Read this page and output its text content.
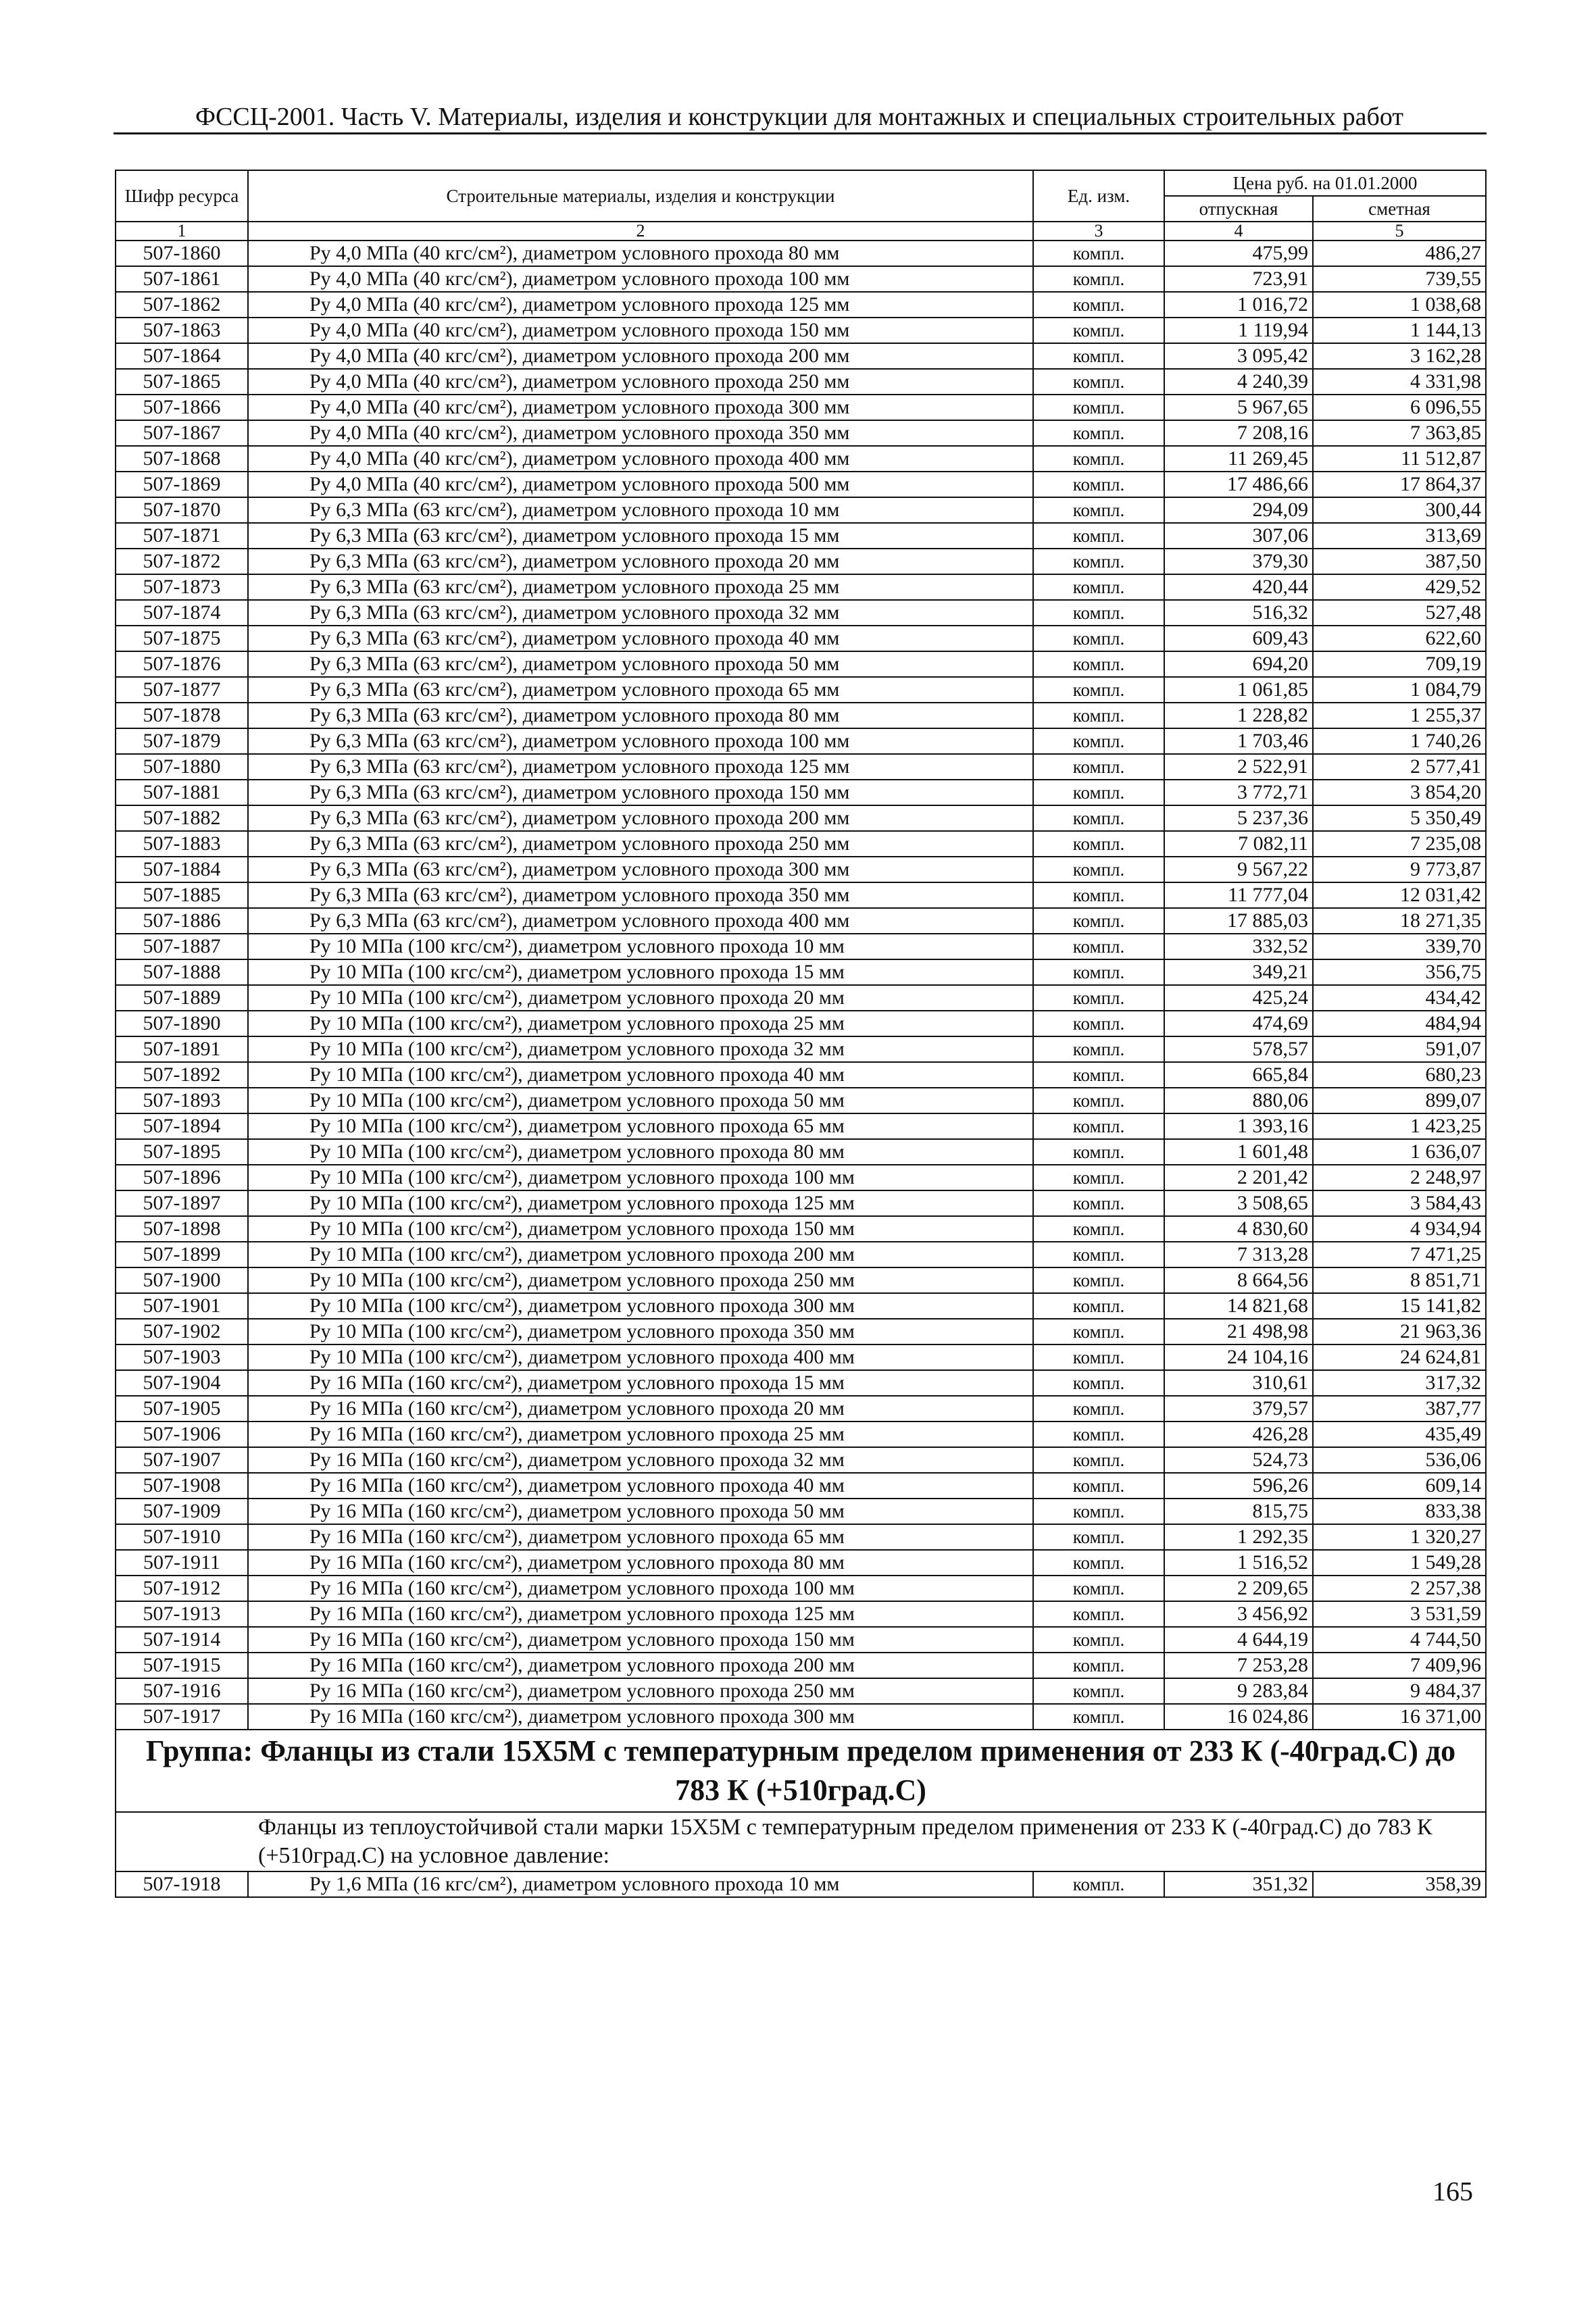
ФССЦ-2001. Часть V. Материалы, изделия и конструкции для монтажных и специальных строительных работ
Шифр ресурса	Строительные материалы, изделия и конструкции	Ед. изм.	Цена руб. на 01.01.2000	
			отпускная	сметная
1	2	3	4	5
507-1860	Ру 4,0 МПа (40 кгс/см²), диаметром условного прохода 80 мм	компл.	475,99	486,27
507-1861	Ру 4,0 МПа (40 кгс/см²), диаметром условного прохода 100 мм	компл.	723,91	739,55
507-1862	Ру 4,0 МПа (40 кгс/см²), диаметром условного прохода 125 мм	компл.	1 016,72	1 038,68
507-1863	Ру 4,0 МПа (40 кгс/см²), диаметром условного прохода 150 мм	компл.	1 119,94	1 144,13
507-1864	Ру 4,0 МПа (40 кгс/см²), диаметром условного прохода 200 мм	компл.	3 095,42	3 162,28
507-1865	Ру 4,0 МПа (40 кгс/см²), диаметром условного прохода 250 мм	компл.	4 240,39	4 331,98
507-1866	Ру 4,0 МПа (40 кгс/см²), диаметром условного прохода 300 мм	компл.	5 967,65	6 096,55
507-1867	Ру 4,0 МПа (40 кгс/см²), диаметром условного прохода 350 мм	компл.	7 208,16	7 363,85
507-1868	Ру 4,0 МПа (40 кгс/см²), диаметром условного прохода 400 мм	компл.	11 269,45	11 512,87
507-1869	Ру 4,0 МПа (40 кгс/см²), диаметром условного прохода 500 мм	компл.	17 486,66	17 864,37
507-1870	Ру 6,3 МПа (63 кгс/см²), диаметром условного прохода 10 мм	компл.	294,09	300,44
507-1871	Ру 6,3 МПа (63 кгс/см²), диаметром условного прохода 15 мм	компл.	307,06	313,69
507-1872	Ру 6,3 МПа (63 кгс/см²), диаметром условного прохода 20 мм	компл.	379,30	387,50
507-1873	Ру 6,3 МПа (63 кгс/см²), диаметром условного прохода 25 мм	компл.	420,44	429,52
507-1874	Ру 6,3 МПа (63 кгс/см²), диаметром условного прохода 32 мм	компл.	516,32	527,48
507-1875	Ру 6,3 МПа (63 кгс/см²), диаметром условного прохода 40 мм	компл.	609,43	622,60
507-1876	Ру 6,3 МПа (63 кгс/см²), диаметром условного прохода 50 мм	компл.	694,20	709,19
507-1877	Ру 6,3 МПа (63 кгс/см²), диаметром условного прохода 65 мм	компл.	1 061,85	1 084,79
507-1878	Ру 6,3 МПа (63 кгс/см²), диаметром условного прохода 80 мм	компл.	1 228,82	1 255,37
507-1879	Ру 6,3 МПа (63 кгс/см²), диаметром условного прохода 100 мм	компл.	1 703,46	1 740,26
507-1880	Ру 6,3 МПа (63 кгс/см²), диаметром условного прохода 125 мм	компл.	2 522,91	2 577,41
507-1881	Ру 6,3 МПа (63 кгс/см²), диаметром условного прохода 150 мм	компл.	3 772,71	3 854,20
507-1882	Ру 6,3 МПа (63 кгс/см²), диаметром условного прохода 200 мм	компл.	5 237,36	5 350,49
507-1883	Ру 6,3 МПа (63 кгс/см²), диаметром условного прохода 250 мм	компл.	7 082,11	7 235,08
507-1884	Ру 6,3 МПа (63 кгс/см²), диаметром условного прохода 300 мм	компл.	9 567,22	9 773,87
507-1885	Ру 6,3 МПа (63 кгс/см²), диаметром условного прохода 350 мм	компл.	11 777,04	12 031,42
507-1886	Ру 6,3 МПа (63 кгс/см²), диаметром условного прохода 400 мм	компл.	17 885,03	18 271,35
507-1887	Ру 10 МПа (100 кгс/см²), диаметром условного прохода 10 мм	компл.	332,52	339,70
507-1888	Ру 10 МПа (100 кгс/см²), диаметром условного прохода 15 мм	компл.	349,21	356,75
507-1889	Ру 10 МПа (100 кгс/см²), диаметром условного прохода 20 мм	компл.	425,24	434,42
507-1890	Ру 10 МПа (100 кгс/см²), диаметром условного прохода 25 мм	компл.	474,69	484,94
507-1891	Ру 10 МПа (100 кгс/см²), диаметром условного прохода 32 мм	компл.	578,57	591,07
507-1892	Ру 10 МПа (100 кгс/см²), диаметром условного прохода 40 мм	компл.	665,84	680,23
507-1893	Ру 10 МПа (100 кгс/см²), диаметром условного прохода 50 мм	компл.	880,06	899,07
507-1894	Ру 10 МПа (100 кгс/см²), диаметром условного прохода 65 мм	компл.	1 393,16	1 423,25
507-1895	Ру 10 МПа (100 кгс/см²), диаметром условного прохода 80 мм	компл.	1 601,48	1 636,07
507-1896	Ру 10 МПа (100 кгс/см²), диаметром условного прохода 100 мм	компл.	2 201,42	2 248,97
507-1897	Ру 10 МПа (100 кгс/см²), диаметром условного прохода 125 мм	компл.	3 508,65	3 584,43
507-1898	Ру 10 МПа (100 кгс/см²), диаметром условного прохода 150 мм	компл.	4 830,60	4 934,94
507-1899	Ру 10 МПа (100 кгс/см²), диаметром условного прохода 200 мм	компл.	7 313,28	7 471,25
507-1900	Ру 10 МПа (100 кгс/см²), диаметром условного прохода 250 мм	компл.	8 664,56	8 851,71
507-1901	Ру 10 МПа (100 кгс/см²), диаметром условного прохода 300 мм	компл.	14 821,68	15 141,82
507-1902	Ру 10 МПа (100 кгс/см²), диаметром условного прохода 350 мм	компл.	21 498,98	21 963,36
507-1903	Ру 10 МПа (100 кгс/см²), диаметром условного прохода 400 мм	компл.	24 104,16	24 624,81
507-1904	Ру 16 МПа (160 кгс/см²), диаметром условного прохода 15 мм	компл.	310,61	317,32
507-1905	Ру 16 МПа (160 кгс/см²), диаметром условного прохода 20 мм	компл.	379,57	387,77
507-1906	Ру 16 МПа (160 кгс/см²), диаметром условного прохода 25 мм	компл.	426,28	435,49
507-1907	Ру 16 МПа (160 кгс/см²), диаметром условного прохода 32 мм	компл.	524,73	536,06
507-1908	Ру 16 МПа (160 кгс/см²), диаметром условного прохода 40 мм	компл.	596,26	609,14
507-1909	Ру 16 МПа (160 кгс/см²), диаметром условного прохода 50 мм	компл.	815,75	833,38
507-1910	Ру 16 МПа (160 кгс/см²), диаметром условного прохода 65 мм	компл.	1 292,35	1 320,27
507-1911	Ру 16 МПа (160 кгс/см²), диаметром условного прохода 80 мм	компл.	1 516,52	1 549,28
507-1912	Ру 16 МПа (160 кгс/см²), диаметром условного прохода 100 мм	компл.	2 209,65	2 257,38
507-1913	Ру 16 МПа (160 кгс/см²), диаметром условного прохода 125 мм	компл.	3 456,92	3 531,59
507-1914	Ру 16 МПа (160 кгс/см²), диаметром условного прохода 150 мм	компл.	4 644,19	4 744,50
507-1915	Ру 16 МПа (160 кгс/см²), диаметром условного прохода 200 мм	компл.	7 253,28	7 409,96
507-1916	Ру 16 МПа (160 кгс/см²), диаметром условного прохода 250 мм	компл.	9 283,84	9 484,37
507-1917	Ру 16 МПа (160 кгс/см²), диаметром условного прохода 300 мм	компл.	16 024,86	16 371,00
Группа: Фланцы из стали 15Х5М с температурным пределом применения от 233 К (-40град.С) до 783 К (+510град.С)				
Фланцы из теплоустойчивой стали марки 15Х5М с температурным пределом применения от 233 К (-40град.С) до 783 К (+510град.С) на условное давление:				
507-1918	Ру 1,6 МПа (16 кгс/см²), диаметром условного прохода 10 мм	компл.	351,32	358,39
165
